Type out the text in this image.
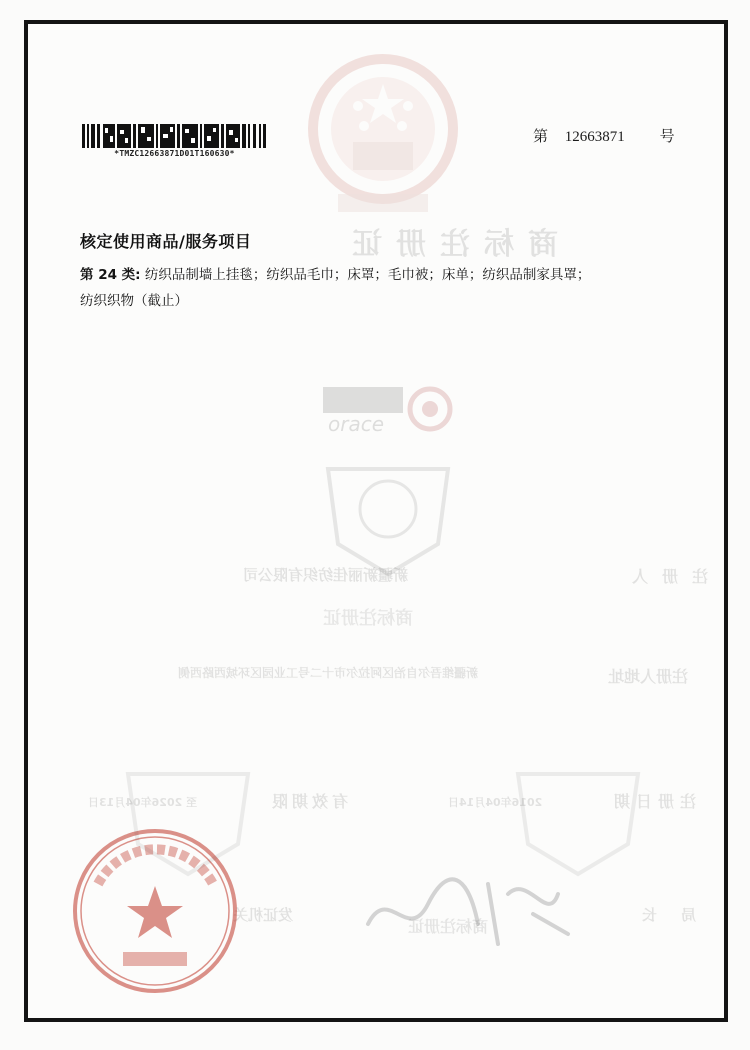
商标注册证
orace
新疆新丽佳纺织有限公司	注册人
商标注册证
新疆维吾尔自治区阿拉尔市十二号工业园区环城西路西侧	注册人地址
至 2026年04月13日	有效期限	2016年04月14日	注册日期
发证机关	局长
商标注册证
*TMZC12663871D01T160630*
第 12663871 号
核定使用商品/服务项目
第 24 类: 纺织品制墙上挂毯；纺织品毛巾；床罩；毛巾被；床单；纺织品制家具罩；
纺织织物（截止）
